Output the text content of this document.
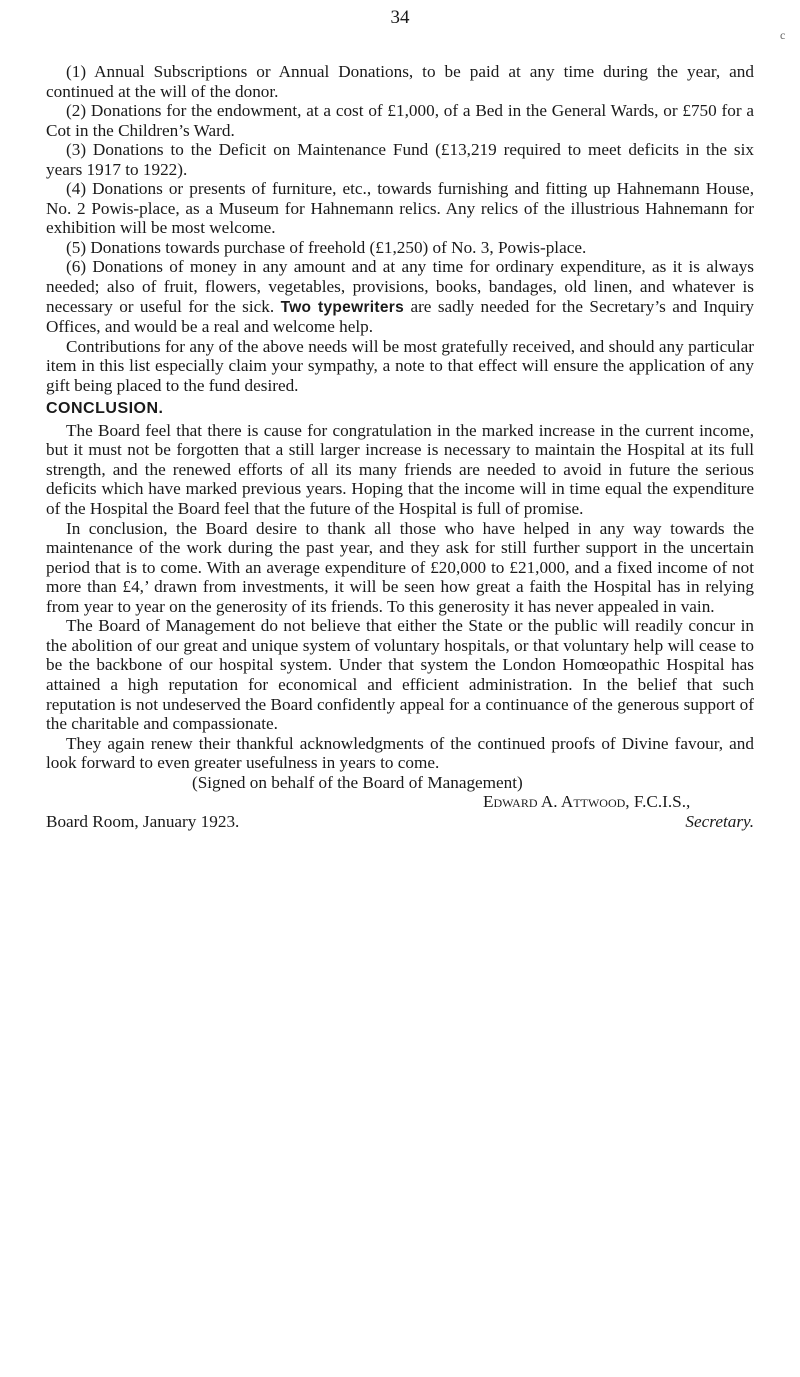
34
c

(1) Annual Subscriptions or Annual Donations, to be paid at any time during the year, and continued at the will of the donor.

(2) Donations for the endowment, at a cost of £1,000, of a Bed in the General Wards, or £750 for a Cot in the Children’s Ward.

(3) Donations to the Deficit on Maintenance Fund (£13,219 required to meet deficits in the six years 1917 to 1922).

(4) Donations or presents of furniture, etc., towards furnishing and fitting up Hahnemann House, No. 2 Powis-place, as a Museum for Hahnemann relics. Any relics of the illustrious Hahnemann for exhibition will be most welcome.

(5) Donations towards purchase of freehold (£1,250) of No. 3, Powis-place.

(6) Donations of money in any amount and at any time for ordinary expenditure, as it is always needed; also of fruit, flowers, vegetables, provisions, books, bandages, old linen, and whatever is necessary or useful for the sick. Two typewriters are sadly needed for the Secretary’s and Inquiry Offices, and would be a real and welcome help.

Contributions for any of the above needs will be most gratefully received, and should any particular item in this list especially claim your sympathy, a note to that effect will ensure the application of any gift being placed to the fund desired.

CONCLUSION.

The Board feel that there is cause for congratulation in the marked increase in the current income, but it must not be forgotten that a still larger increase is necessary to maintain the Hospital at its full strength, and the renewed efforts of all its many friends are needed to avoid in future the serious deficits which have marked previous years. Hoping that the income will in time equal the expenditure of the Hospital the Board feel that the future of the Hospital is full of promise.

In conclusion, the Board desire to thank all those who have helped in any way towards the maintenance of the work during the past year, and they ask for still further support in the uncertain period that is to come. With an average expenditure of £20,000 to £21,000, and a fixed income of not more than £4,’ drawn from investments, it will be seen how great a faith the Hospital has in relying from year to year on the generosity of its friends. To this generosity it has never appealed in vain.

The Board of Management do not believe that either the State or the public will readily concur in the abolition of our great and unique system of voluntary hospitals, or that voluntary help will cease to be the backbone of our hospital system. Under that system the London Homœopathic Hospital has attained a high reputation for economical and efficient administration. In the belief that such reputation is not undeserved the Board confidently appeal for a continuance of the generous support of the charitable and compassionate.

They again renew their thankful acknowledgments of the continued proofs of Divine favour, and look forward to even greater usefulness in years to come.

(Signed on behalf of the Board of Management)

Edward A. Attwood, F.C.I.S.,

Board Room, January 1923.	Secretary.
